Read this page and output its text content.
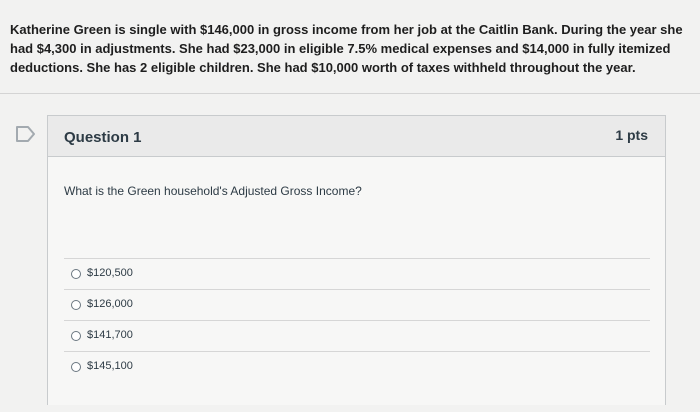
Katherine Green is single with $146,000 in gross income from her job at the Caitlin Bank. During the year she had $4,300 in adjustments. She had $23,000 in eligible 7.5% medical expenses and $14,000 in fully itemized deductions. She has 2 eligible children. She had $10,000 worth of taxes withheld throughout the year.

Question 1	1 pts
What is the Green household's Adjusted Gross Income?
$120,500
$126,000
$141,700
$145,100
